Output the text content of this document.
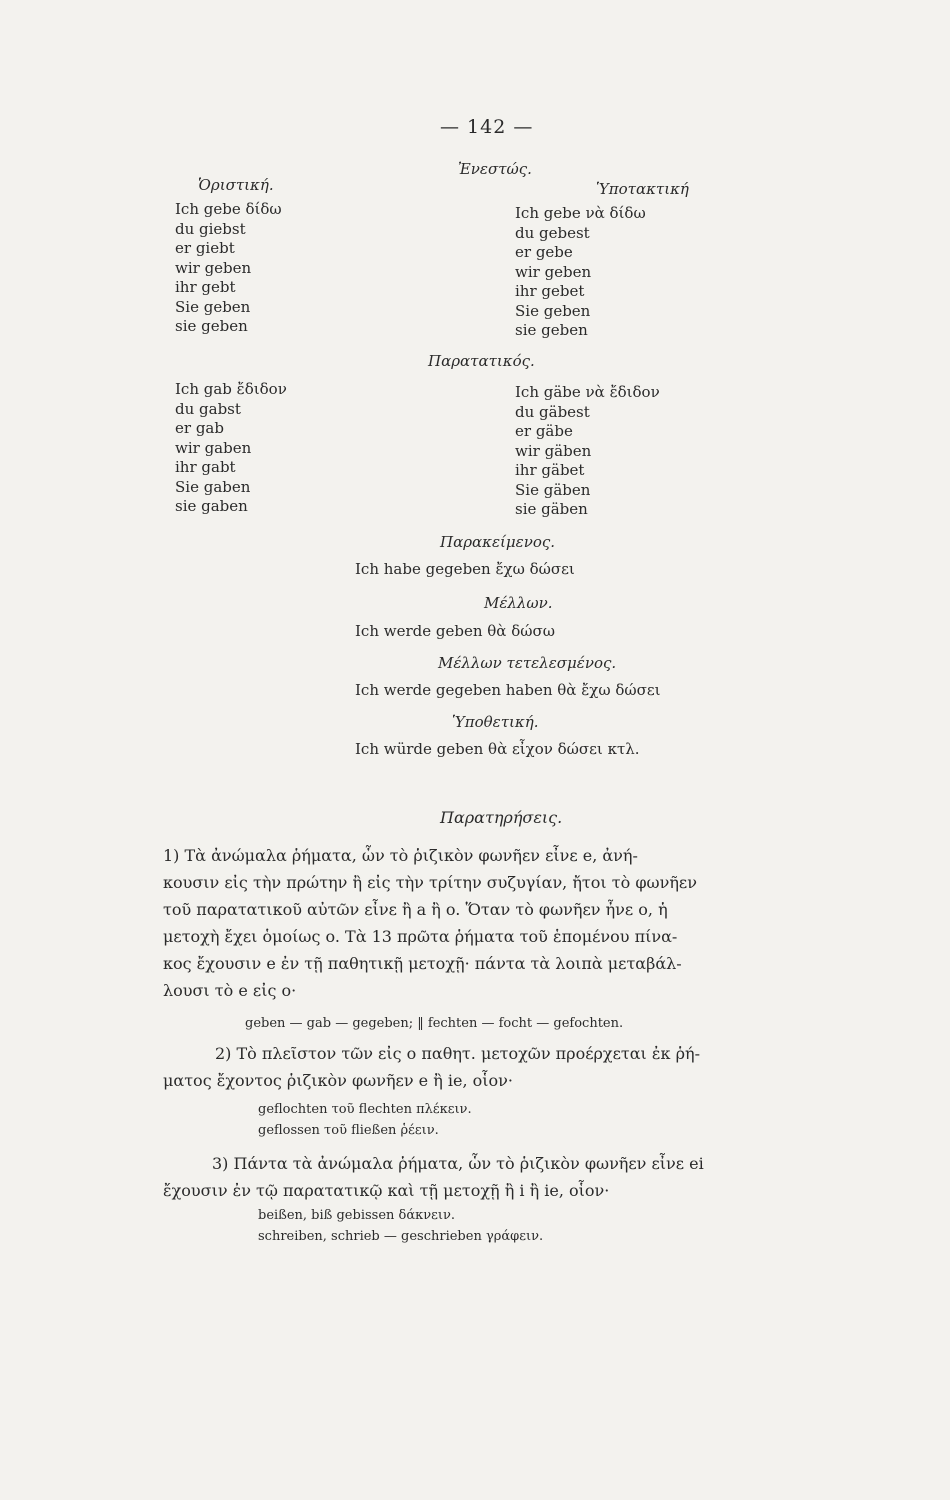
— 142 —
Ἐνεστώς.
Ὁριστική.	Ὑποτακτική
Ich gebe δίδω
du giebst
er giebt
wir geben
ihr gebt
Sie geben
sie geben
Ich gebe νὰ δίδω
du gebest
er gebe
wir geben
ihr gebet
Sie geben
sie geben
Παρατατικός.
Ich gab ἔδιδον
du gabst
er gab
wir gaben
ihr gabt
Sie gaben
sie gaben
Ich gäbe νὰ ἔδιδον
du gäbest
er gäbe
wir gäben
ihr gäbet
Sie gäben
sie gäben
Παρακείμενος.
Ich habe gegeben ἔχω δώσει
Μέλλων.
Ich werde geben θὰ δώσω
Μέλλων τετελεσμένος.
Ich werde gegeben haben θὰ ἔχω δώσει
Ὑποθετική.
Ich würde geben θὰ εἶχον δώσει κτλ.
Παρατηρήσεις.
1) Τὰ ἀνώμαλα ῥήματα, ὧν τὸ ῥιζικὸν φωνῆεν εἶνε e, ἀνή-
κουσιν εἰς τὴν πρώτην ἢ εἰς τὴν τρίτην συζυγίαν, ἤτοι τὸ φωνῆεν
τοῦ παρατατικοῦ αὐτῶν εἶνε ἢ a ἢ o. Ὅταν τὸ φωνῆεν ἦνε o, ἡ
μετοχὴ ἔχει ὁμοίως o. Τὰ 13 πρῶτα ῥήματα τοῦ ἑπομένου πίνα-
κος ἔχουσιν e ἐν τῇ παθητικῇ μετοχῇ· πάντα τὰ λοιπὰ μεταβάλ-
λουσι τὸ e εἰς o·
geben — gab — gegeben; ‖ fechten — focht — gefochten.
2) Τὸ πλεῖστον τῶν εἰς o παθητ. μετοχῶν προέρχεται ἐκ ῥή-
ματος ἔχοντος ῥιζικὸν φωνῆεν e ἢ ie, οἷον·
geflochten τοῦ flechten πλέκειν.
geflossen τοῦ fließen ῥέειν.
3) Πάντα τὰ ἀνώμαλα ῥήματα, ὧν τὸ ῥιζικὸν φωνῆεν εἶνε ei
ἔχουσιν ἐν τῷ παρατατικῷ καὶ τῇ μετοχῇ ἢ i ἢ ie, οἷον·
beißen, biß gebissen δάκνειν.
schreiben, schrieb — geschrieben γράφειν.
